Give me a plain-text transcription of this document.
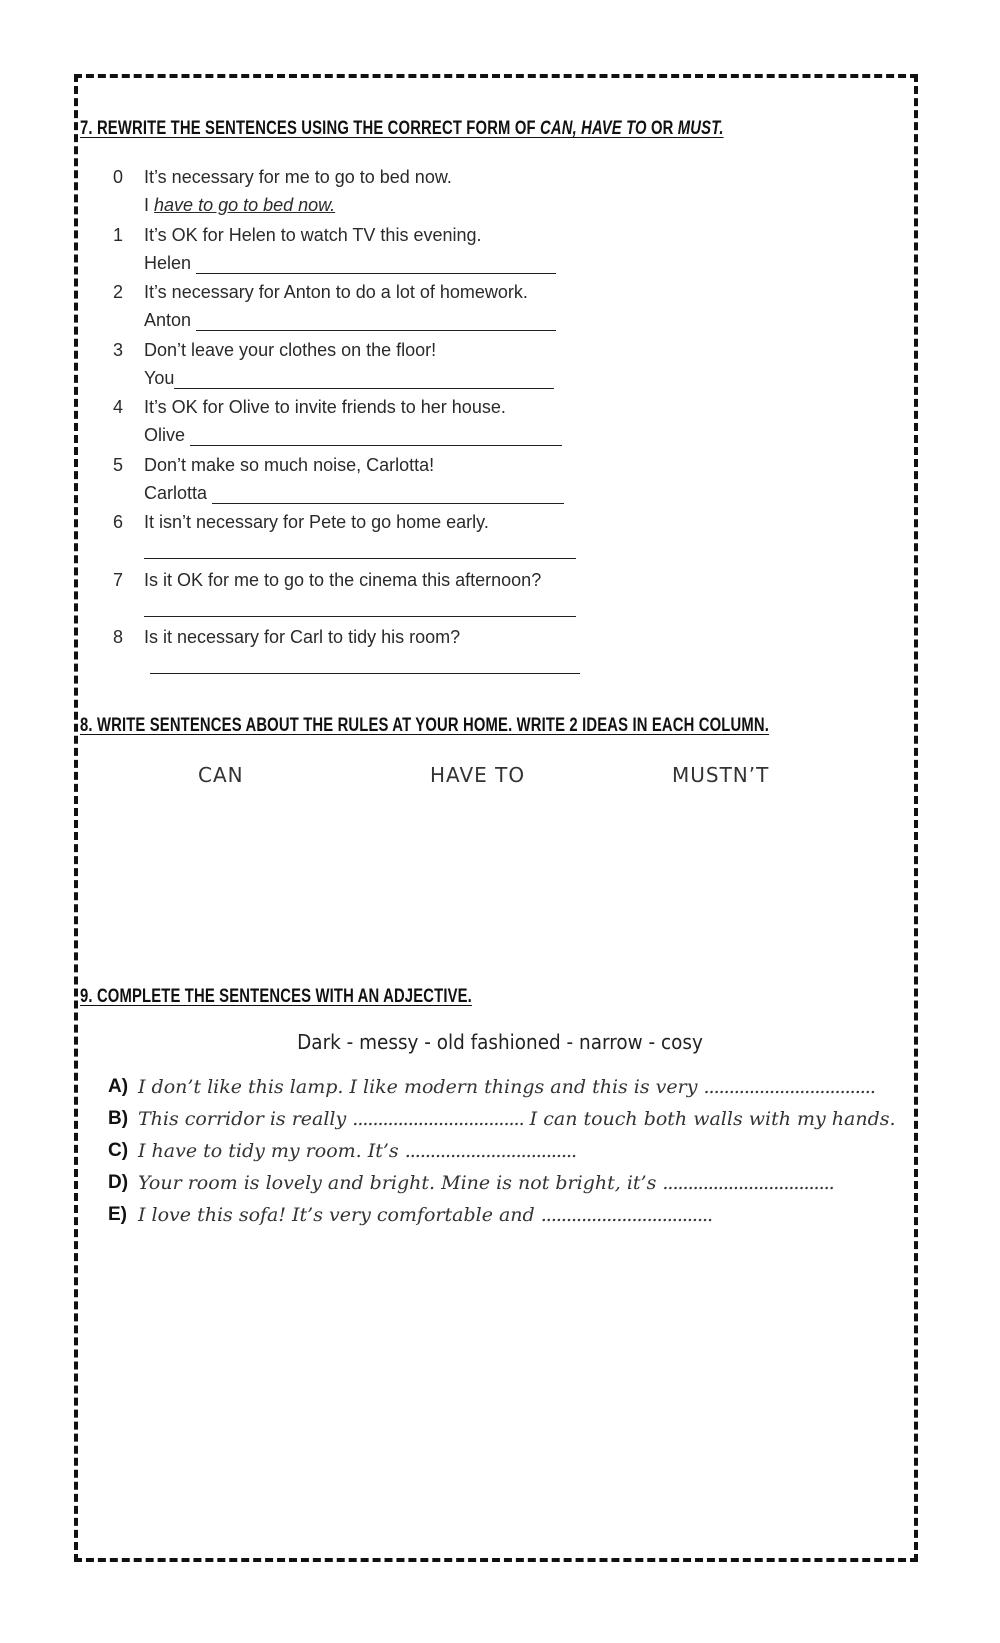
7. REWRITE THE SENTENCES USING THE CORRECT FORM OF CAN, HAVE TO OR MUST.
0 It’s necessary for me to go to bed now.
I
have to go to bed now.
1 It’s OK for Helen to watch TV this evening.
Helen
2 It’s necessary for Anton to do a lot of homework.
Anton
3 Don’t leave your clothes on the floor!
You
4 It’s OK for Olive to invite friends to her house.
Olive
5 Don’t make so much noise, Carlotta!
Carlotta
6 It isn’t necessary for Pete to go home early.
7 Is it OK for me to go to the cinema this afternoon?
8 Is it necessary for Carl to tidy his room?
8. WRITE SENTENCES ABOUT THE RULES AT YOUR HOME. WRITE 2 IDEAS IN EACH COLUMN.
CAN	HAVE TO	MUSTN’T
9. COMPLETE THE SENTENCES WITH AN ADJECTIVE.
Dark - messy - old fashioned - narrow - cosy
A) I don’t like this lamp. I like modern things and this is very ..................................
B) This corridor is really .................................. I can touch both walls with my hands.
C) I have to tidy my room. It’s ..................................
D) Your room is lovely and bright. Mine is not bright, it’s ..................................
E) I love this sofa! It’s very comfortable and ..................................
